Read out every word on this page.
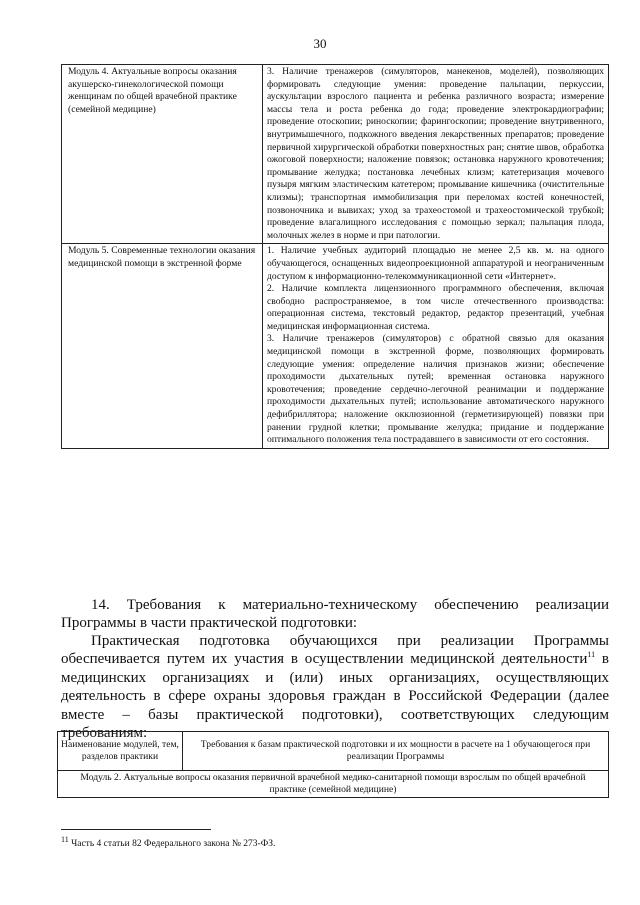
30
Модуль 4. Актуальные вопросы оказания акушерско-гинекологической помощи женщинам по общей врачебной практике (семейной медицине)	3. Наличие тренажеров (симуляторов, манекенов, моделей), позволяющих формировать следующие умения: проведение пальпации, перкуссии, аускультации взрослого пациента и ребенка различного возраста; измерение массы тела и роста ребенка до года; проведение электрокардиографии; проведение отоскопии; риноскопии; фарингоскопии; проведение внутривенного, внутримышечного, подкожного введения лекарственных препаратов; проведение первичной хирургической обработки поверхностных ран; снятие швов, обработка ожоговой поверхности; наложение повязок; остановка наружного кровотечения; промывание желудка; постановка лечебных клизм; катетеризация мочевого пузыря мягким эластическим катетером; промывание кишечника (очистительные клизмы); транспортная иммобилизация при переломах костей конечностей, позвоночника и вывихах; уход за трахеостомой и трахеостомической трубкой; проведение влагалищного исследования с помощью зеркал; пальпация плода, молочных желез в норме и при патологии.

Модуль 5. Современные технологии оказания медицинской помощи в экстренной форме	1. Наличие учебных аудиторий площадью не менее 2,5 кв. м. на одного обучающегося, оснащенных видеопроекционной аппаратурой и неограниченным доступом к информационно-телекоммуникационной сети «Интернет».
2. Наличие комплекта лицензионного программного обеспечения, включая свободно распространяемое, в том числе отечественного производства: операционная система, текстовый редактор, редактор презентаций, учебная медицинская информационная система.
3. Наличие тренажеров (симуляторов) с обратной связью для оказания медицинской помощи в экстренной форме, позволяющих формировать следующие умения: определение наличия признаков жизни; обеспечение проходимости дыхательных путей; временная остановка наружного кровотечения; проведение сердечно-легочной реанимации и поддержание проходимости дыхательных путей; использование автоматического наружного дефибриллятора; наложение окклюзионной (герметизирующей) повязки при ранении грудной клетки; промывание желудка; придание и поддержание оптимального положения тела пострадавшего в зависимости от его состояния.
14. Требования к материально-техническому обеспечению реализации Программы в части практической подготовки:
Практическая подготовка обучающихся при реализации Программы обеспечивается путем их участия в осуществлении медицинской деятельности$^{11}$ в медицинских организациях и (или) иных организациях, осуществляющих деятельность в сфере охраны здоровья граждан в Российской Федерации (далее вместе – базы практической подготовки), соответствующих следующим требованиям:
Наименование модулей, тем, разделов практики	Требования к базам практической подготовки и их мощности в расчете на 1 обучающегося при реализации Программы
Модуль 2. Актуальные вопросы оказания первичной врачебной медико-санитарной помощи взрослым по общей врачебной практике (семейной медицине)
$^{11}$ Часть 4 статьи 82 Федерального закона № 273-ФЗ.
